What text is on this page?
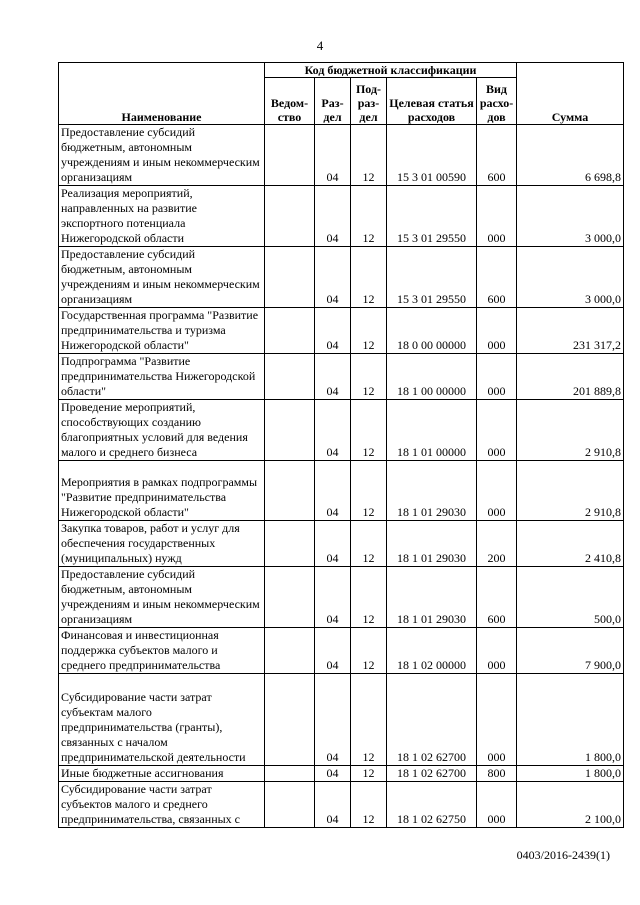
4
Наименование	Код бюджетной классификации					Сумма
	Ведом-ство	Раз-дел	Под-раз-дел	Целевая статья расходов	Вид расхо-дов	
Предоставление субсидий бюджетным, автономным учреждениям и иным некоммерческим организациям		04	12	15 3 01 00590	600	6 698,8
Реализация мероприятий, направленных на развитие экспортного потенциала Нижегородской области		04	12	15 3 01 29550	000	3 000,0
Предоставление субсидий бюджетным, автономным учреждениям и иным некоммерческим организациям		04	12	15 3 01 29550	600	3 000,0
Государственная программа "Развитие предпринимательства и туризма Нижегородской области"		04	12	18 0 00 00000	000	231 317,2
Подпрограмма "Развитие предпринимательства Нижегородской области"		04	12	18 1 00 00000	000	201 889,8
Проведение мероприятий, способствующих созданию благоприятных условий для ведения малого и среднего бизнеса		04	12	18 1 01 00000	000	2 910,8
Мероприятия в рамках подпрограммы "Развитие предпринимательства Нижегородской области"		04	12	18 1 01 29030	000	2 910,8
Закупка товаров, работ и услуг для обеспечения государственных (муниципальных) нужд		04	12	18 1 01 29030	200	2 410,8
Предоставление субсидий бюджетным, автономным учреждениям и иным некоммерческим организациям		04	12	18 1 01 29030	600	500,0
Финансовая и инвестиционная поддержка субъектов малого и среднего предпринимательства		04	12	18 1 02 00000	000	7 900,0
Субсидирование части затрат субъектам малого предпринимательства (гранты), связанных с началом предпринимательской деятельности		04	12	18 1 02 62700	000	1 800,0
Иные бюджетные ассигнования		04	12	18 1 02 62700	800	1 800,0
Субсидирование части затрат субъектов малого и среднего предпринимательства, связанных с		04	12	18 1 02 62750	000	2 100,0
0403/2016-2439(1)
